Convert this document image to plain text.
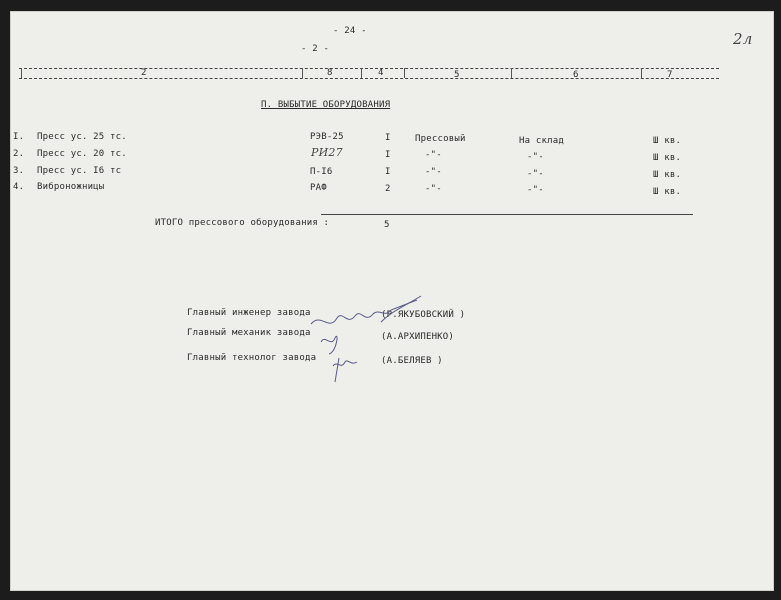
- 24 -	2л
- 2 -
2	8	4	5	6	7
П. ВЫБЫТИЕ ОБОРУДОВАНИЯ
I. Пресс ус. 25 тс.	РЭВ-25	I	Прессовый	На склад	Ш кв.
2. Пресс ус. 20 тс.	РИ27	I	-"-	-"-	Ш кв.
3. Пресс ус. I6 тс	П-I6	I	-"-	-"-	Ш кв.
4. Виброножницы	РАФ	2	-"-	-"-	Ш кв.
ИТОГО прессового оборудования :	5
Главный инженер завода	(Р.ЯКУБОВСКИЙ )
Главный механик завода	(А.АРХИПЕНКО)
Главный технолог завода	(А.БЕЛЯЕВ )
